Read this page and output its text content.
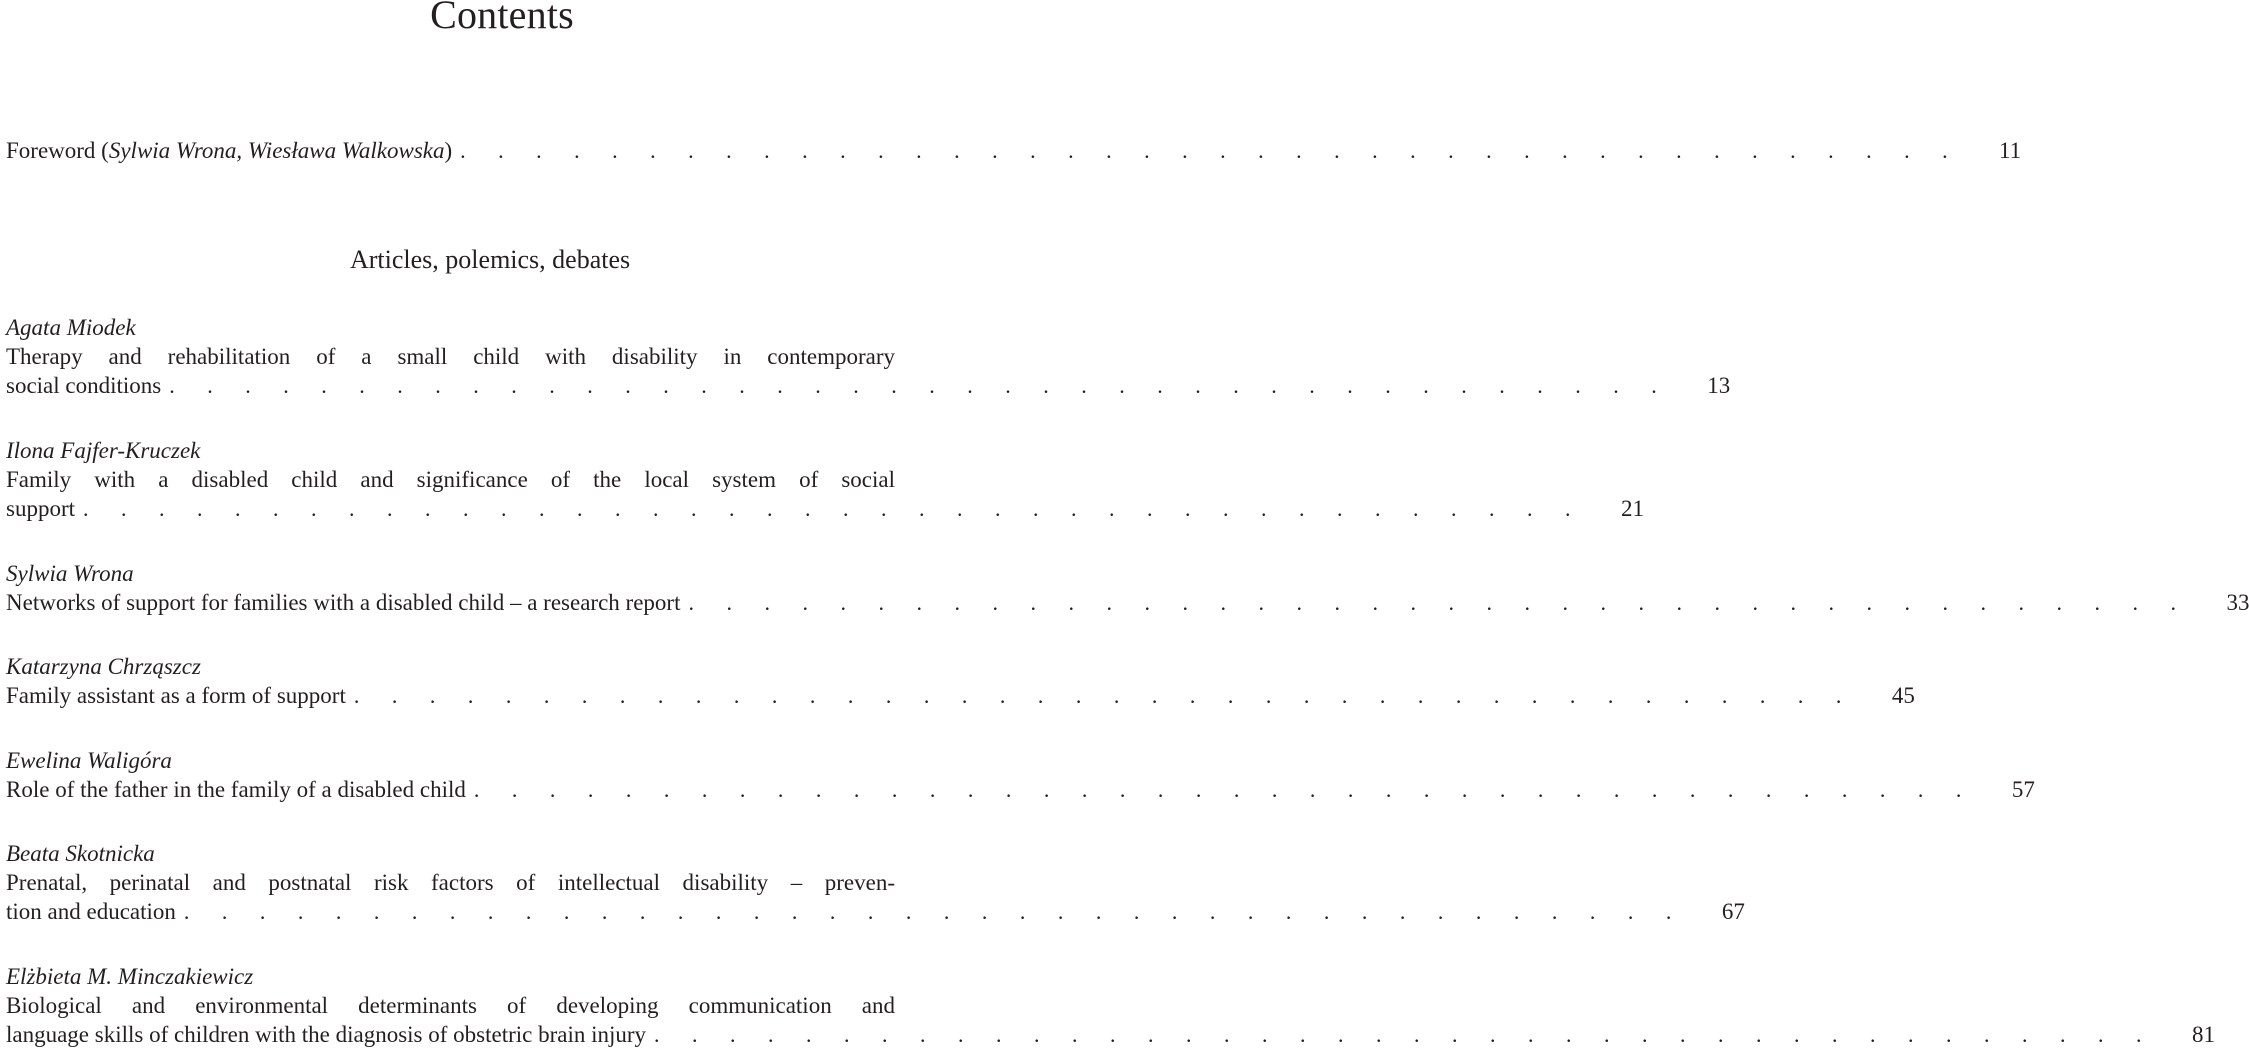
Contents
Foreword (Sylwia Wrona, Wiesława Walkowska) . . . . . . . . . . . . . . . . . . . . . . . . . . . . . . . . . . . . . . . .	11
Articles, polemics, debates
Agata Miodek
Therapy and rehabilitation of a small child with disability in contemporary
social conditions . . . . . . . . . . . . . . . . . . . . . . . . . . . . . . . . . . . . . . . .	13
Ilona Fajfer-Kruczek
Family with a disabled child and significance of the local system of social
support . . . . . . . . . . . . . . . . . . . . . . . . . . . . . . . . . . . . . . . .	21
Sylwia Wrona
Networks of support for families with a disabled child – a research report . . . . . . . . . . . . . . . . . . . . . . . . . . . . . . . . . . . . . . . .	33
Katarzyna Chrząszcz
Family assistant as a form of support . . . . . . . . . . . . . . . . . . . . . . . . . . . . . . . . . . . . . . . .	45
Ewelina Waligóra
Role of the father in the family of a disabled child . . . . . . . . . . . . . . . . . . . . . . . . . . . . . . . . . . . . . . . .	57
Beata Skotnicka
Prenatal, perinatal and postnatal risk factors of intellectual disability – preven-
tion and education . . . . . . . . . . . . . . . . . . . . . . . . . . . . . . . . . . . . . . . .	67
Elżbieta M. Minczakiewicz
Biological and environmental determinants of developing communication and
language skills of children with the diagnosis of obstetric brain injury . . . . . . . . . . . . . . . . . . . . . . . . . . . . . . . . . . . . . . . .	81
